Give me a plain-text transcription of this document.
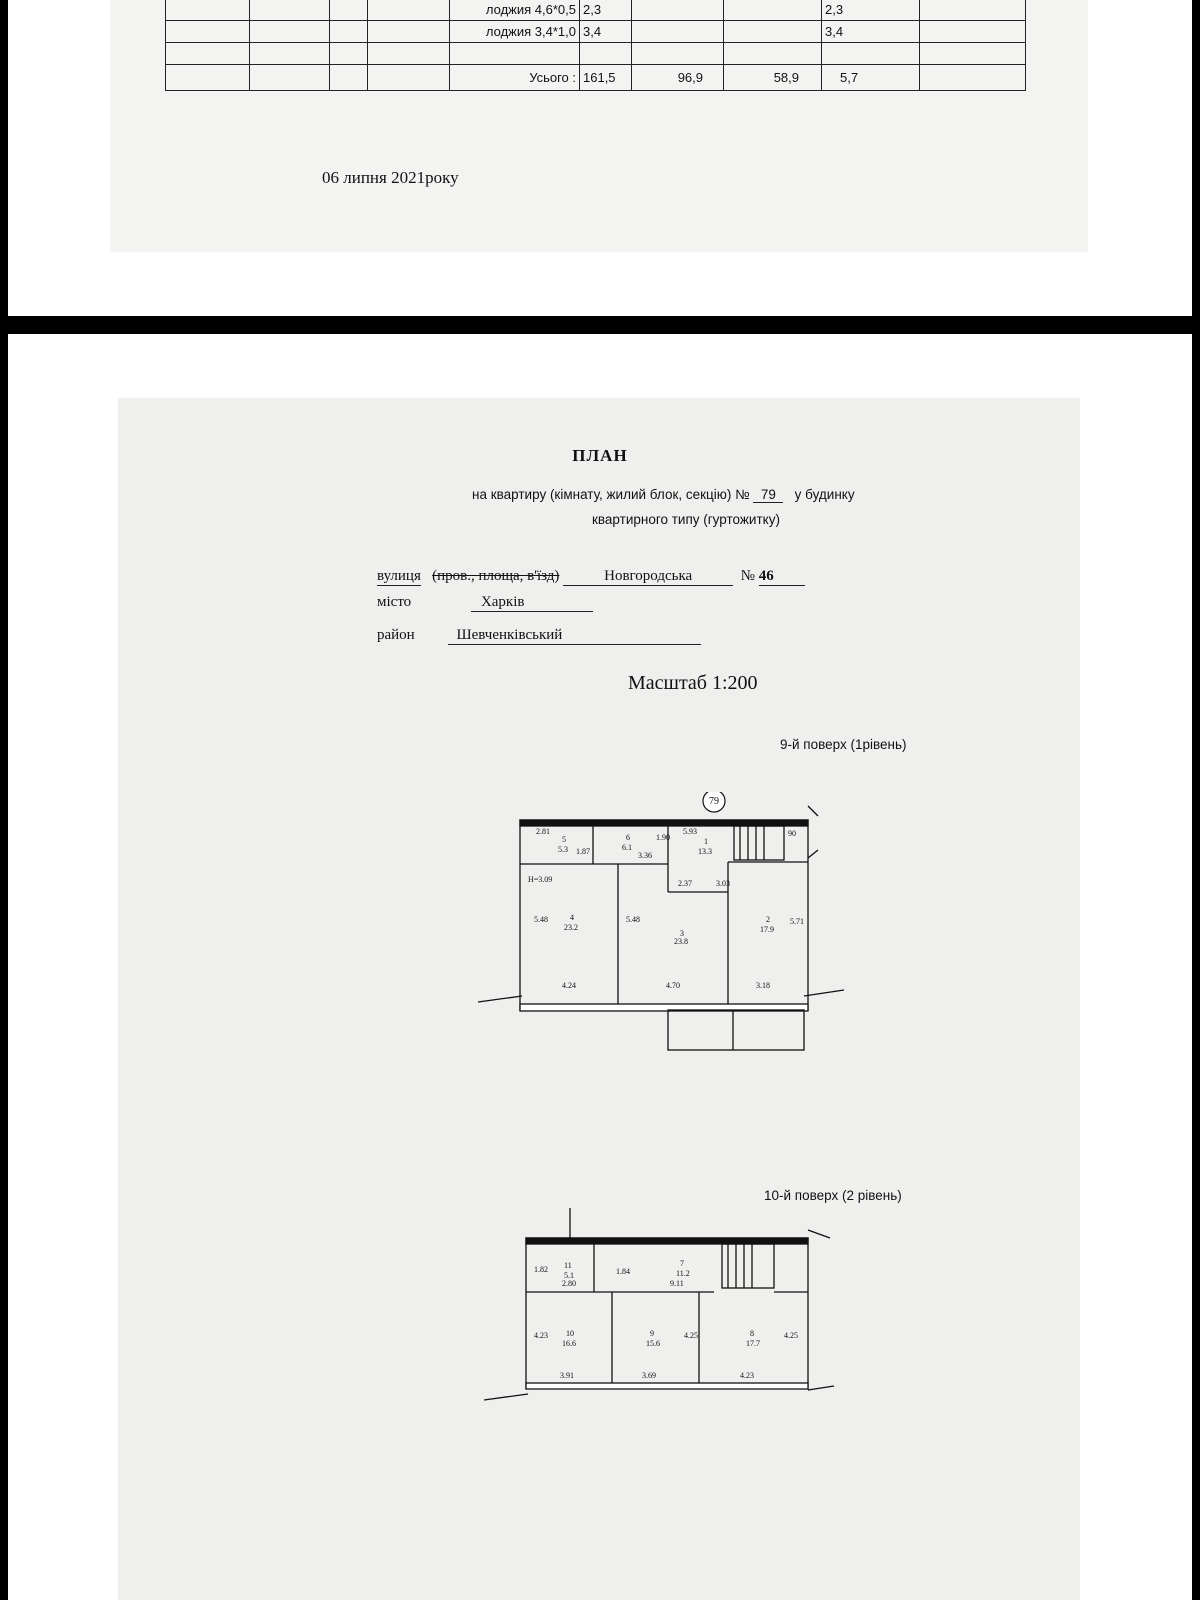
				лоджия 4,6*0,5	2,3			2,3	
				лоджия 3,4*1,0	3,4			3,4	

				Усього :	161,5	96,9	58,9	5,7	
06 липня 2021року
ПЛАН
на квартиру (кімнату, жилий блок, секцію) № 79 у будинку
квартирного типу (гуртожитку)
вулиця (пров., площа, в'їзд)	Новгородська	№ 46
місто	Харків
район	Шевченківський
Масштаб 1:200
9-й поверх (1рівень)
10-й поверх (2 рівень)
79
2.81	5.93
1.90
1.87	3.36
Н=3.09	2.37	3.03
5.48	5.48	5.71
4.24	4.70	3.18
90
5
5.3
6
6.1
1
13.3
4
23.2
3
23.8
2
17.9
1.82
2.80
1.84
9.11
4.23	4.25	4.25
3.91	3.69	4.23
11
5.1
7
11.2
10
16.6
9
15.6
8
17.7
